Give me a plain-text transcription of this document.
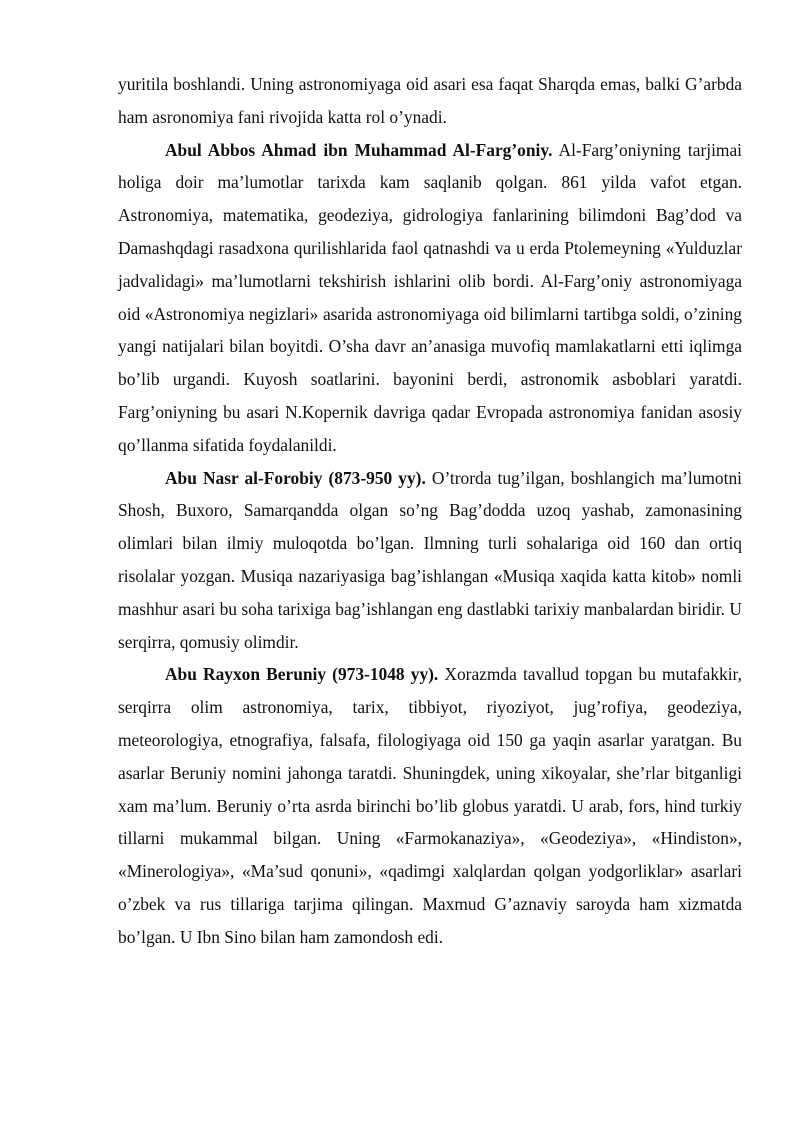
yuritila boshlandi. Uning astronomiyaga oid asari esa faqat Sharqda emas, balki G’arbda ham asronomiya fani rivojida katta rol o’ynadi.

Abul Abbos Ahmad ibn Muhammad Al-Farg’oniy. Al-Farg’oniyning tarjimai holiga doir ma’lumotlar tarixda kam saqlanib qolgan. 861 yilda vafot etgan. Astronomiya, matematika, geodeziya, gidrologiya fanlarining bilimdoni Bag’dod va Damashqdagi rasadxona qurilishlarida faol qatnashdi va u erda Ptolemeyning «Yulduzlar jadvalidagi» ma’lumotlarni tekshirish ishlarini olib bordi. Al-Farg’oniy astronomiyaga oid «Astronomiya negizlari» asarida astronomiyaga oid bilimlarni tartibga soldi, o’zining yangi natijalari bilan boyitdi. O’sha davr an’anasiga muvofiq mamlakatlarni etti iqlimga bo’lib urgandi. Kuyosh soatlarini. bayonini berdi, astronomik asboblari yaratdi. Farg’oniyning bu asari N.Kopernik davriga qadar Evropada astronomiya fanidan asosiy qo’llanma sifatida foydalanildi.

Abu Nasr al-Forobiy (873-950 yy). O’trorda tug’ilgan, boshlangich ma’lumotni Shosh, Buxoro, Samarqandda olgan so’ng Bag’dodda uzoq yashab, zamonasining olimlari bilan ilmiy muloqotda bo’lgan. Ilmning turli sohalariga oid 160 dan ortiq risolalar yozgan. Musiqa nazariyasiga bag’ishlangan «Musiqa xaqida katta kitob» nomli mashhur asari bu soha tarixiga bag’ishlangan eng dastlabki tarixiy manbalardan biridir. U serqirra, qomusiy olimdir.

Abu Rayxon Beruniy (973-1048 yy). Xorazmda tavallud topgan bu mutafakkir, serqirra olim astronomiya, tarix, tibbiyot, riyoziyot, jug’rofiya, geodeziya, meteorologiya, etnografiya, falsafa, filologiyaga oid 150 ga yaqin asarlar yaratgan. Bu asarlar Beruniy nomini jahonga taratdi. Shuningdek, uning xikoyalar, she’rlar bitganligi xam ma’lum. Beruniy o’rta asrda birinchi bo’lib globus yaratdi. U arab, fors, hind turkiy tillarni mukammal bilgan. Uning «Farmokanaziya», «Geodeziya», «Hindiston», «Minerologiya», «Ma’sud qonuni», «qadimgi xalqlardan qolgan yodgorliklar» asarlari o’zbek va rus tillariga tarjima qilingan. Maxmud G’aznaviy saroyda ham xizmatda bo’lgan. U Ibn Sino bilan ham zamondosh edi.
